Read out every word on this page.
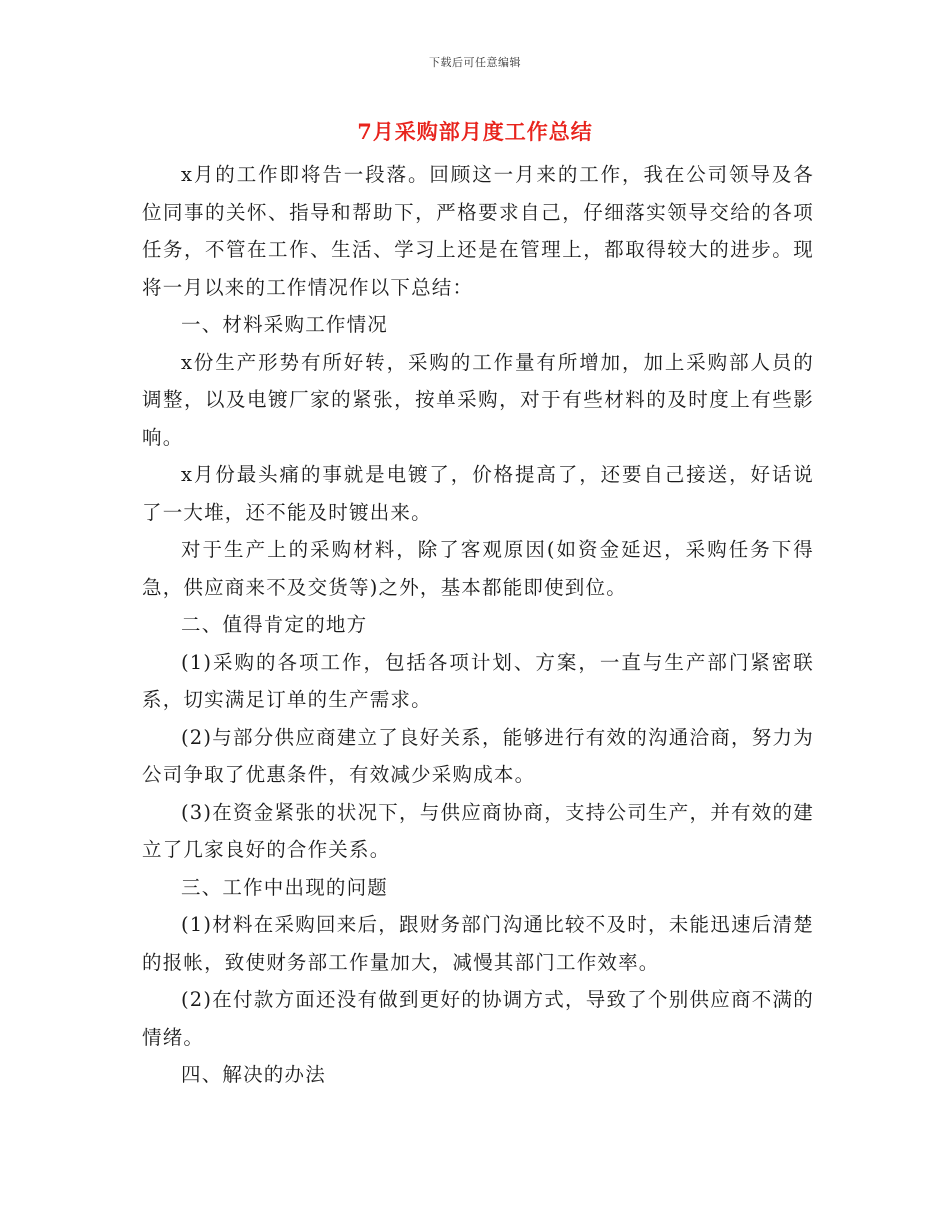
下载后可任意编辑
7月采购部月度工作总结

x月的工作即将告一段落。回顾这一月来的工作，我在公司领导及各位同事的关怀、指导和帮助下，严格要求自己，仔细落实领导交给的各项任务，不管在工作、生活、学习上还是在管理上，都取得较大的进步。现将一月以来的工作情况作以下总结：

一、材料采购工作情况

x份生产形势有所好转，采购的工作量有所增加，加上采购部人员的调整，以及电镀厂家的紧张，按单采购，对于有些材料的及时度上有些影响。

x月份最头痛的事就是电镀了，价格提高了，还要自己接送，好话说了一大堆，还不能及时镀出来。

对于生产上的采购材料，除了客观原因(如资金延迟，采购任务下得急，供应商来不及交货等)之外，基本都能即使到位。

二、值得肯定的地方

(1)采购的各项工作，包括各项计划、方案，一直与生产部门紧密联系，切实满足订单的生产需求。

(2)与部分供应商建立了良好关系，能够进行有效的沟通洽商，努力为公司争取了优惠条件，有效减少采购成本。

(3)在资金紧张的状况下，与供应商协商，支持公司生产，并有效的建立了几家良好的合作关系。

三、工作中出现的问题

(1)材料在采购回来后，跟财务部门沟通比较不及时，未能迅速后清楚的报帐，致使财务部工作量加大，减慢其部门工作效率。

(2)在付款方面还没有做到更好的协调方式，导致了个别供应商不满的情绪。

四、解决的办法
